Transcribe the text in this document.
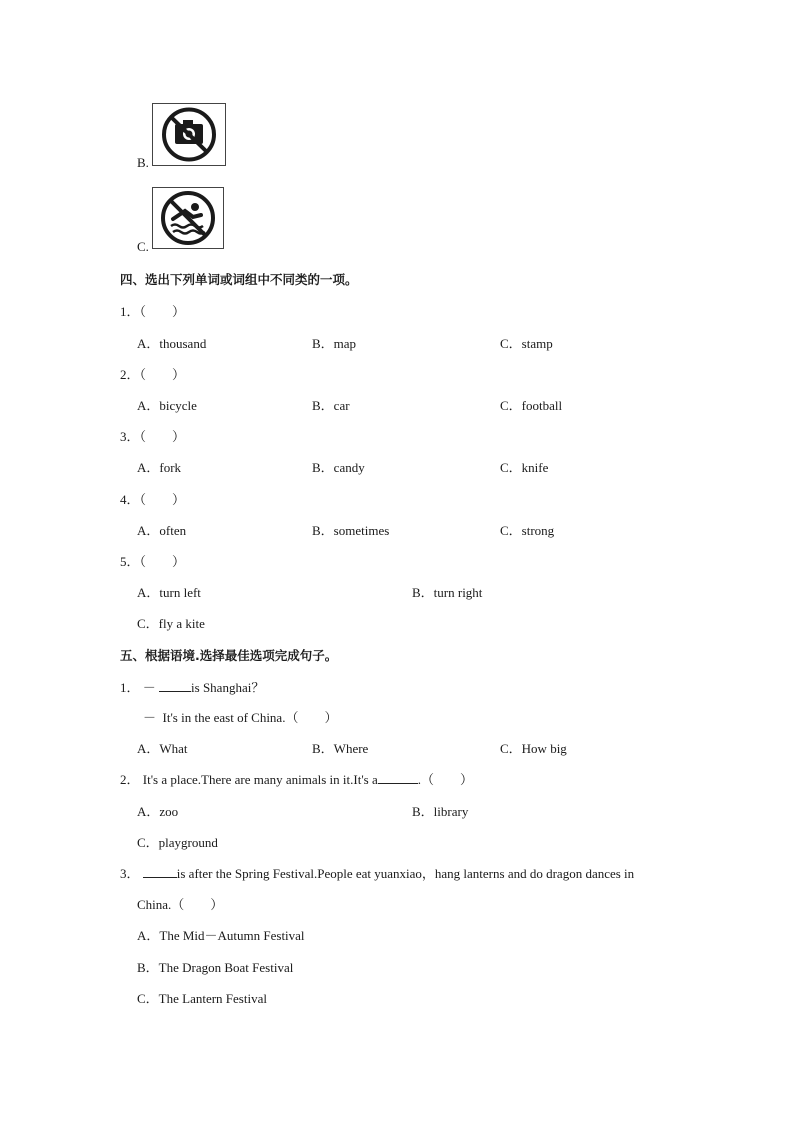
B.
C.
四、选出下列单词或词组中不同类的一项。
1．（　　）
A．thousand	B．map	C．stamp
2．（　　）
A．bicycle	B．car	C．football
3．（　　）
A．fork	B．candy	C．knife
4．（　　）
A．often	B．sometimes	C．strong
5．（　　）
A．turn left	B．turn right
C．fly a kite
五、根据语境.选择最佳选项完成句子。
1． －	is Shanghai？
－ It's in the east of China.（　　）
A．What	B．Where	C．How big
2． It's a place.There are many animals in it.It's a	.（　　）
A．zoo	B．library
C．playground
3．	is after the Spring Festival.People eat yuanxiao，hang lanterns and do dragon dances in
China.（　　）
A．The Mid－Autumn Festival
B．The Dragon Boat Festival
C．The Lantern Festival
